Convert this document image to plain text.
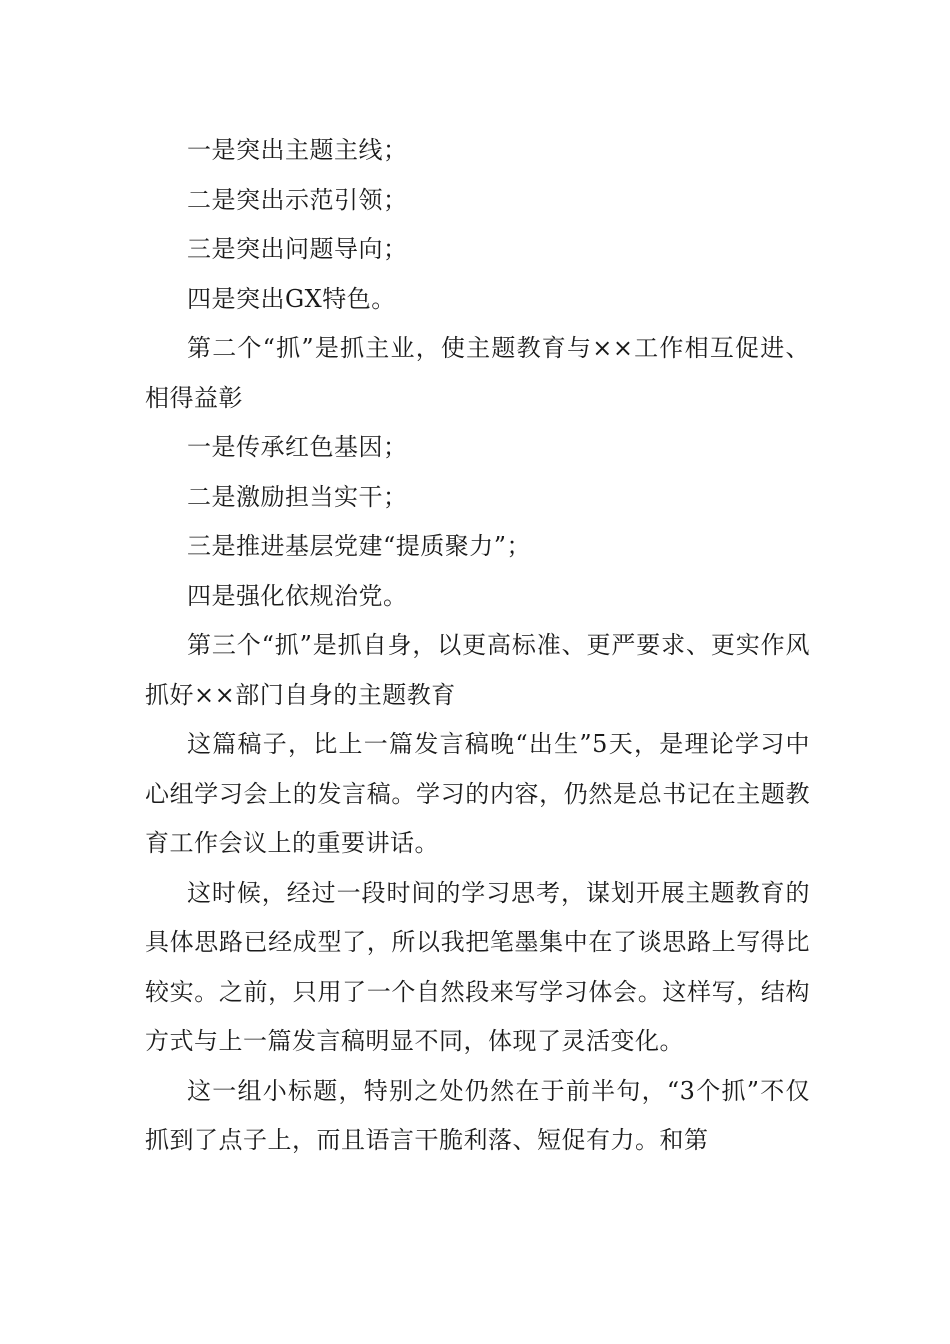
一是突出主题主线；

二是突出示范引领；

三是突出问题导向；

四是突出GX特色。

第二个“抓”是抓主业，使主题教育与××工作相互促进、相得益彰

一是传承红色基因；

二是激励担当实干；

三是推进基层党建“提质聚力”；

四是强化依规治党。

第三个“抓”是抓自身，以更高标准、更严要求、更实作风抓好××部门自身的主题教育

这篇稿子，比上一篇发言稿晚“出生”5天，是理论学习中心组学习会上的发言稿。学习的内容，仍然是总书记在主题教育工作会议上的重要讲话。

这时候，经过一段时间的学习思考，谋划开展主题教育的具体思路已经成型了，所以我把笔墨集中在了谈思路上写得比较实。之前，只用了一个自然段来写学习体会。这样写，结构方式与上一篇发言稿明显不同，体现了灵活变化。

这一组小标题，特别之处仍然在于前半句，“3个抓”不仅抓到了点子上，而且语言干脆利落、短促有力。和第
